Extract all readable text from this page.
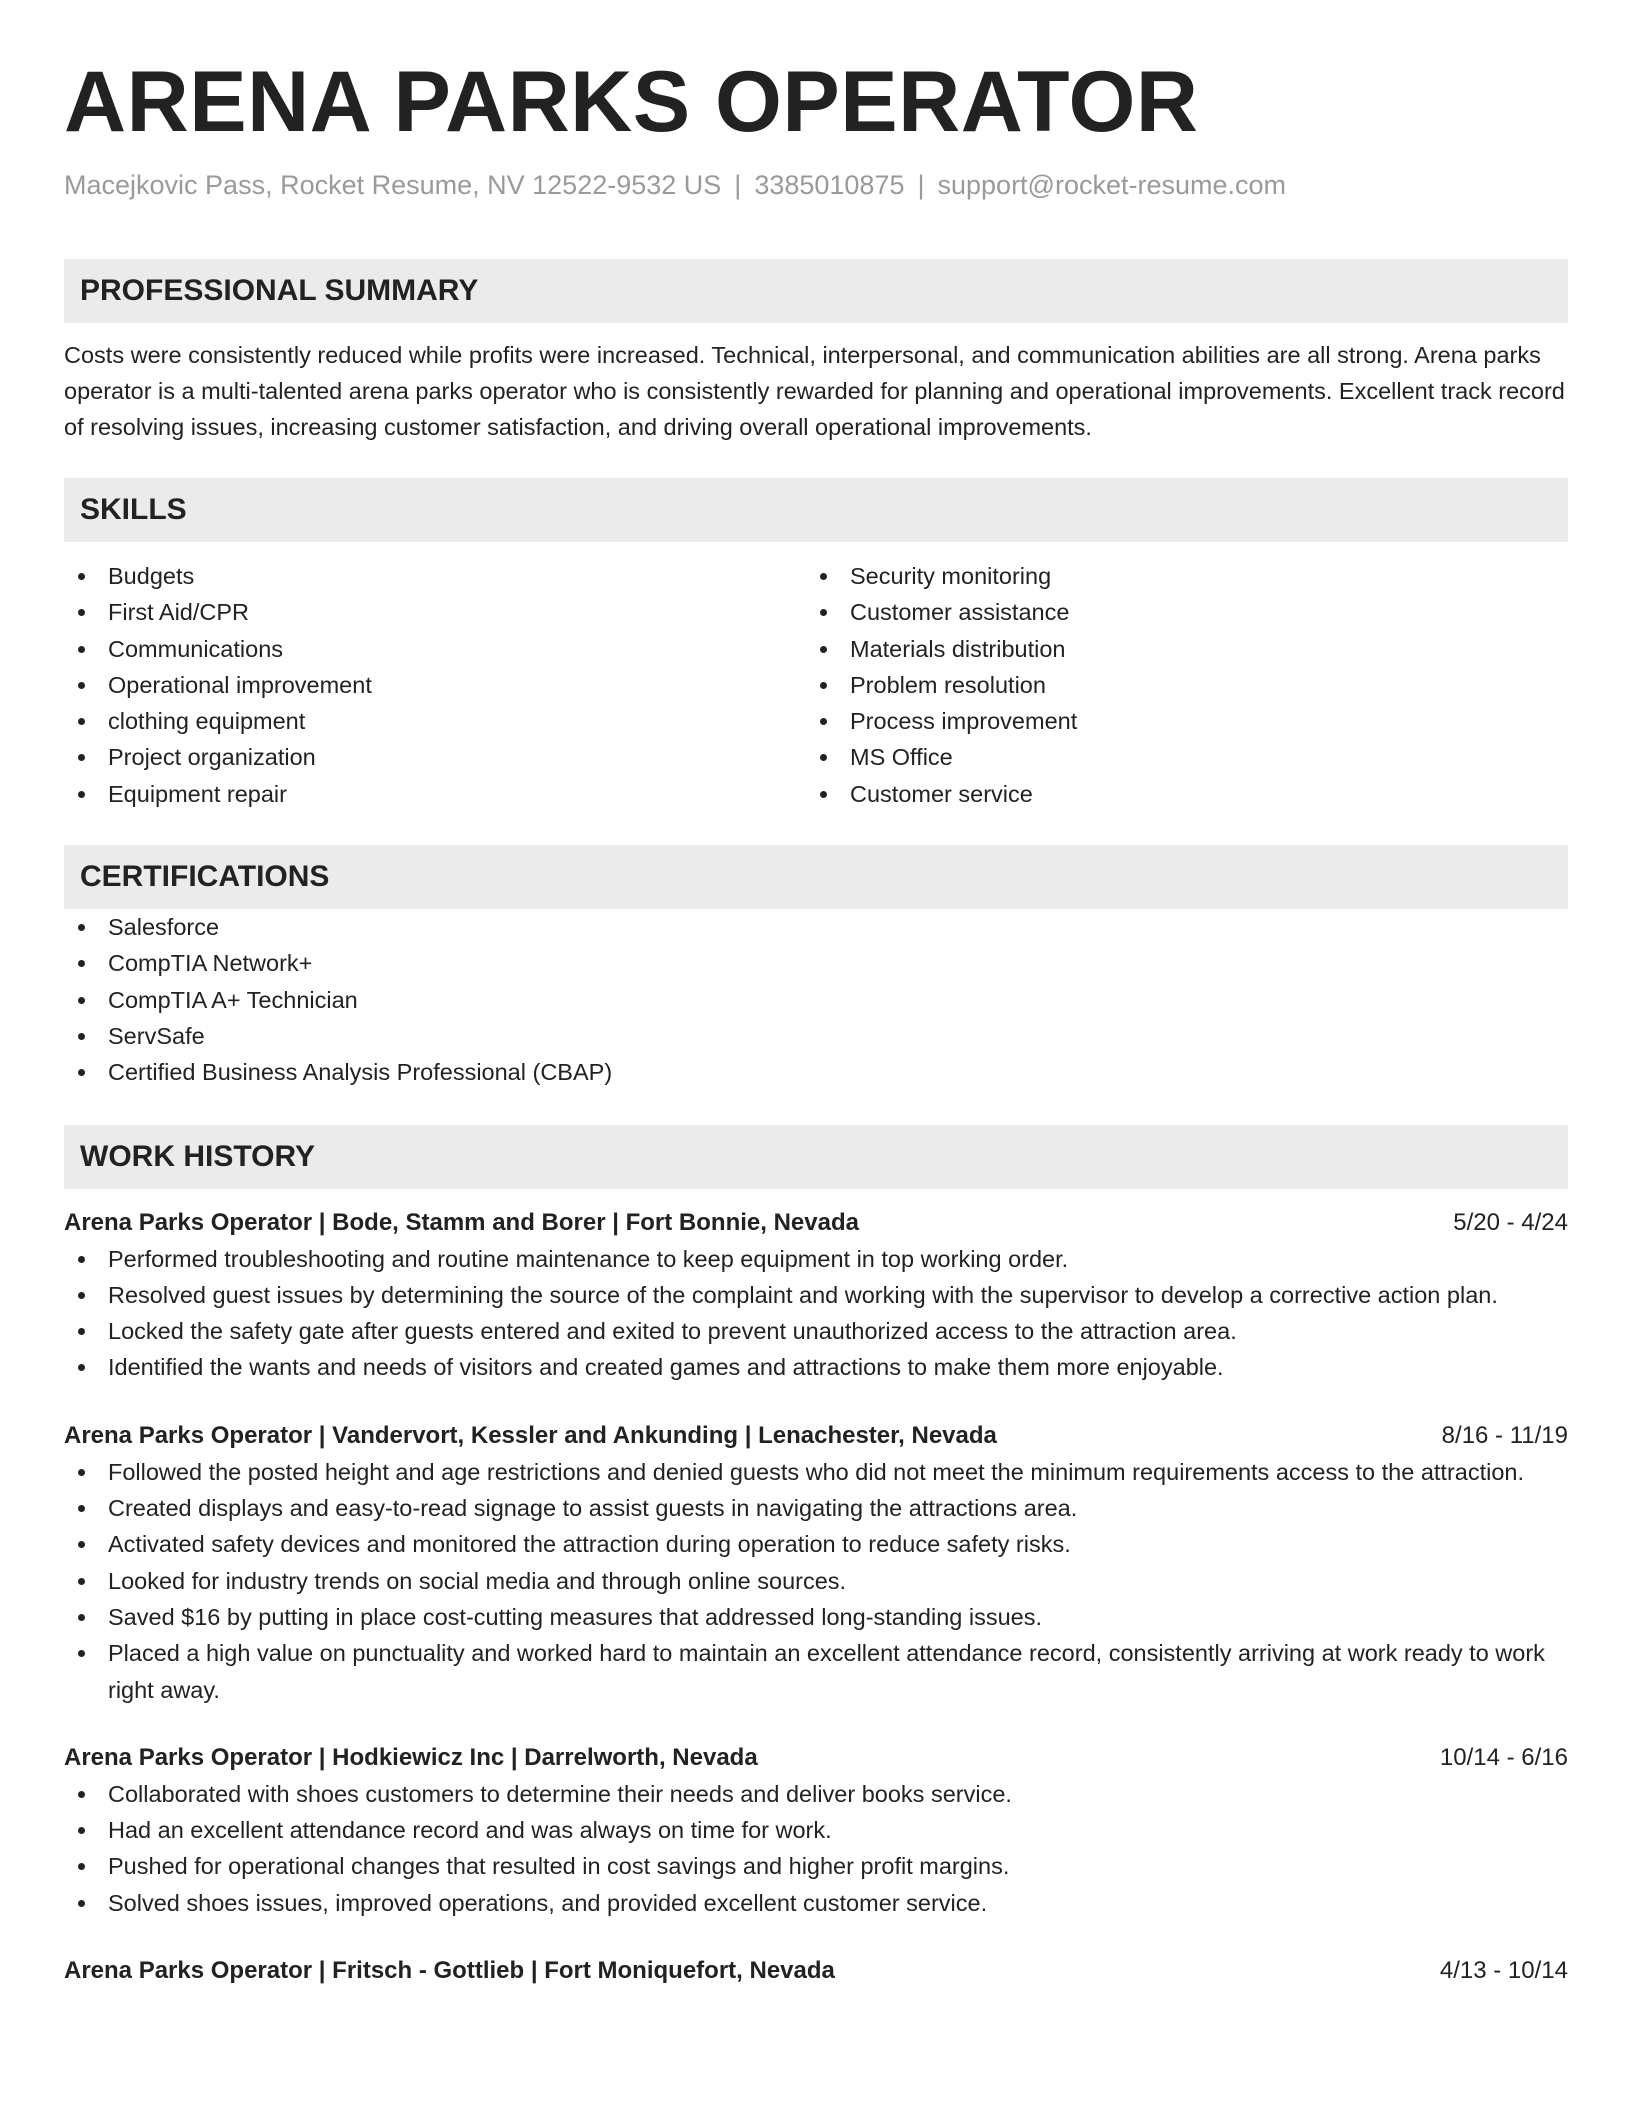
ARENA PARKS OPERATOR
Macejkovic Pass, Rocket Resume, NV 12522-9532 US | 3385010875 | support@rocket-resume.com
PROFESSIONAL SUMMARY

Costs were consistently reduced while profits were increased. Technical, interpersonal, and communication abilities are all strong. Arena parks operator is a multi-talented arena parks operator who is consistently rewarded for planning and operational improvements. Excellent track record of resolving issues, increasing customer satisfaction, and driving overall operational improvements.

SKILLS
Budgets
First Aid/CPR
Communications
Operational improvement
clothing equipment
Project organization
Equipment repair
Security monitoring
Customer assistance
Materials distribution
Problem resolution
Process improvement
MS Office
Customer service
CERTIFICATIONS
Salesforce
CompTIA Network+
CompTIA A+ Technician
ServSafe
Certified Business Analysis Professional (CBAP)
WORK HISTORY
Arena Parks Operator | Bode, Stamm and Borer | Fort Bonnie, Nevada	5/20 - 4/24
Performed troubleshooting and routine maintenance to keep equipment in top working order.
Resolved guest issues by determining the source of the complaint and working with the supervisor to develop a corrective action plan.
Locked the safety gate after guests entered and exited to prevent unauthorized access to the attraction area.
Identified the wants and needs of visitors and created games and attractions to make them more enjoyable.
Arena Parks Operator | Vandervort, Kessler and Ankunding | Lenachester, Nevada	8/16 - 11/19
Followed the posted height and age restrictions and denied guests who did not meet the minimum requirements access to the attraction.
Created displays and easy-to-read signage to assist guests in navigating the attractions area.
Activated safety devices and monitored the attraction during operation to reduce safety risks.
Looked for industry trends on social media and through online sources.
Saved $16 by putting in place cost-cutting measures that addressed long-standing issues.
Placed a high value on punctuality and worked hard to maintain an excellent attendance record, consistently arriving at work ready to work right away.
Arena Parks Operator | Hodkiewicz Inc | Darrelworth, Nevada	10/14 - 6/16
Collaborated with shoes customers to determine their needs and deliver books service.
Had an excellent attendance record and was always on time for work.
Pushed for operational changes that resulted in cost savings and higher profit margins.
Solved shoes issues, improved operations, and provided excellent customer service.
Arena Parks Operator | Fritsch - Gottlieb | Fort Moniquefort, Nevada	4/13 - 10/14
